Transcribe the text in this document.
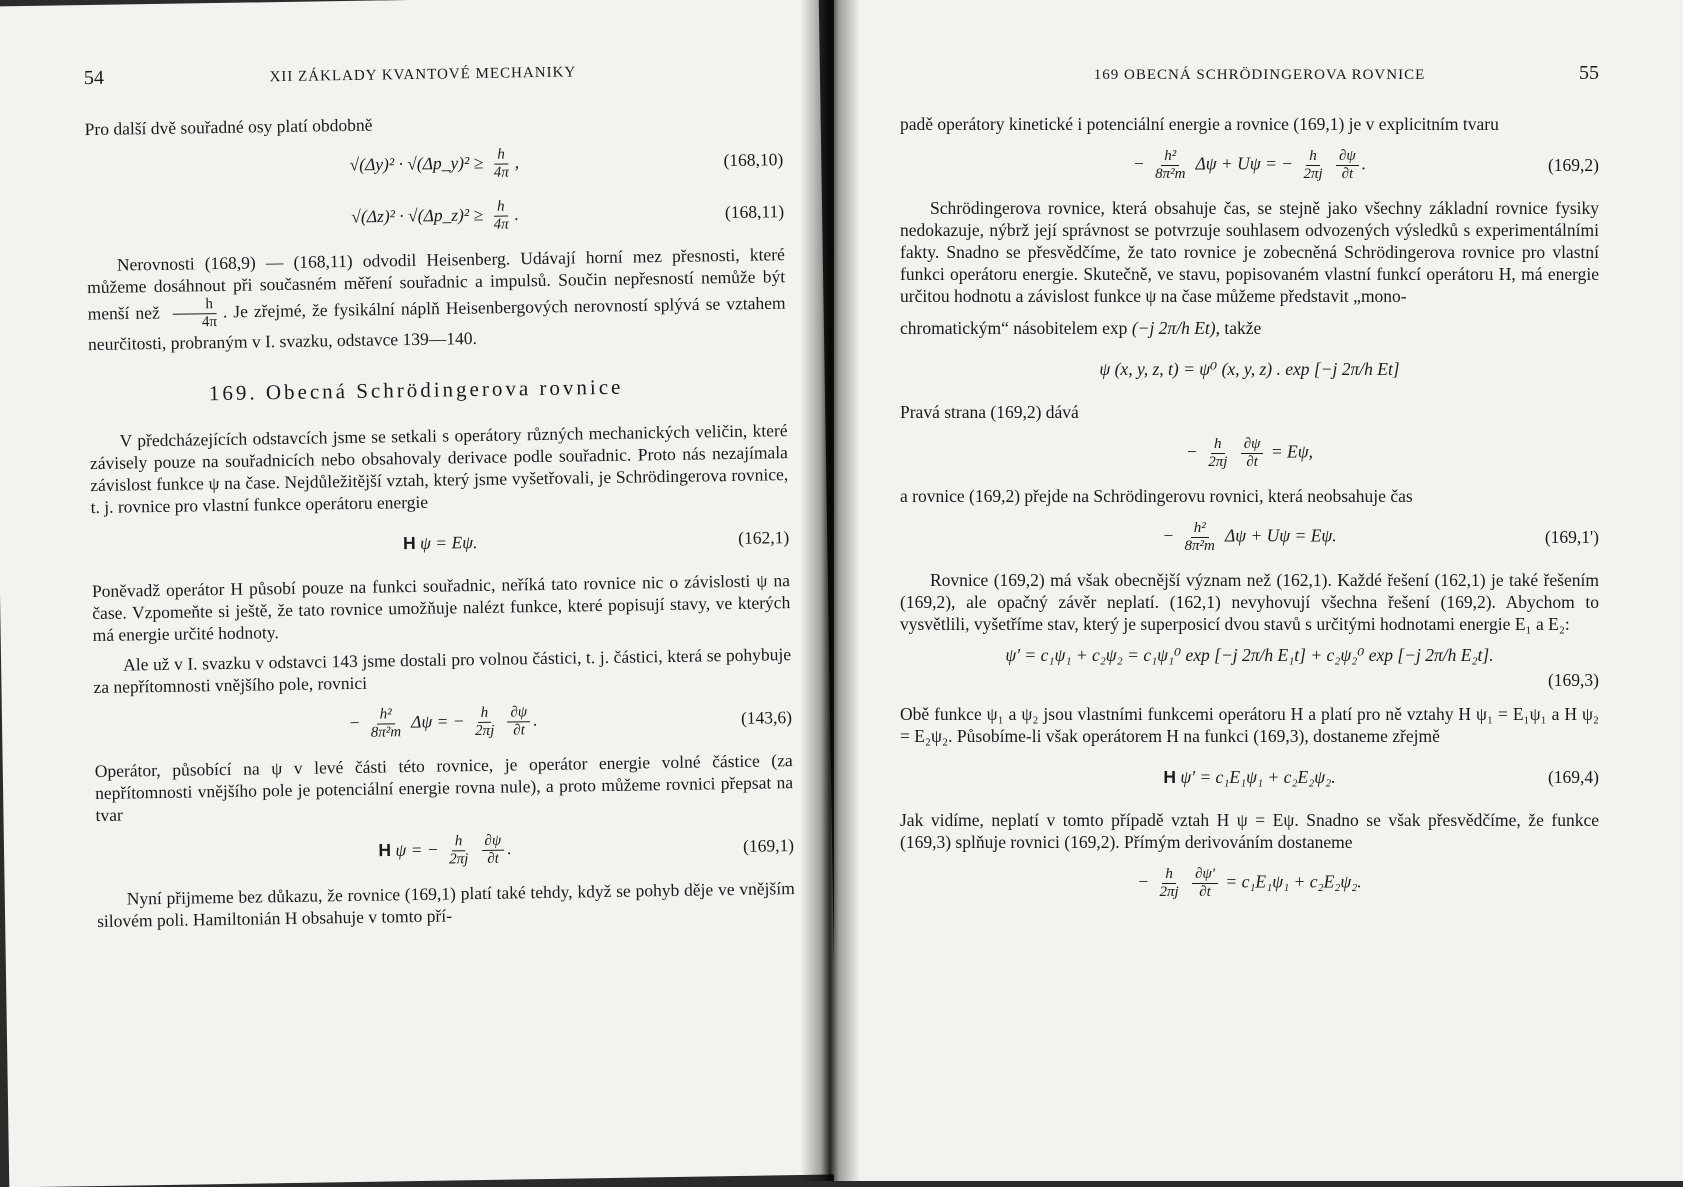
54	XII ZÁKLADY KVANTOVÉ MECHANIKY

Pro další dvě souřadné osy platí obdobně

√(Δy)² · √(Δp_y)² ≥ $\frac{h}{4\pi}$ ,	(168,10)
√(Δz)² · √(Δp_z)² ≥ $\frac{h}{4\pi}$ .	(168,11)

Nerovnosti (168,9) — (168,11) odvodil Heisenberg. Udávají horní mez přesnosti, které můžeme dosáhnout při současném měření souřadnic a impulsů. Součin nepřesností nemůže být menší než $\frac{h}{4\pi}$ . Je zřejmé, že fysikální náplň Heisenbergových nerovností splývá se vztahem neurčitosti, probraným v I. svazku, odstavce 139—140.

169. Obecná Schrödingerova rovnice

V předcházejících odstavcích jsme se setkali s operátory různých mechanických veličin, které závisely pouze na souřadnicích nebo obsahovaly derivace podle souřadnic. Proto nás nezajímala závislost funkce ψ na čase. Nejdůležitější vztah, který jsme vyšetřovali, je Schrödingerova rovnice, t. j. rovnice pro vlastní funkce operátoru energie

H ψ = Eψ.	(162,1)

Poněvadž operátor H působí pouze na funkci souřadnic, neříká tato rovnice nic o závislosti ψ na čase. Vzpomeňte si ještě, že tato rovnice umožňuje nalézt funkce, které popisují stavy, ve kterých má energie určité hodnoty.

Ale už v I. svazku v odstavci 143 jsme dostali pro volnou částici, t. j. částici, která se pohybuje za nepřítomnosti vnějšího pole, rovnici

− $\frac{\text{h²}}{\text{8π²m}}$ Δψ = − $\frac{h}{2\pi j}$
$\frac{\partial\psi}{\partial t}$ .	(143,6)

Operátor, působící na ψ v levé části této rovnice, je operátor energie volné částice (za nepřítomnosti vnějšího pole je potenciální energie rovna nule), a proto můžeme rovnici přepsat na tvar

H ψ = − $\frac{h}{2\pi j}$
$\frac{\partial\psi}{\partial t}$ .	(169,1)

Nyní přijmeme bez důkazu, že rovnice (169,1) platí také tehdy, když se pohyb děje ve vnějším silovém poli. Hamiltonián H obsahuje v tomto pří-

169 OBECNÁ SCHRÖDINGEROVA ROVNICE	55

padě operátory kinetické i potenciální energie a rovnice (169,1) je v explicitním tvaru

− $\frac{\text{h²}}{\text{8π²m}}$ Δψ + Uψ = − $\frac{h}{2\pi j}$
$\frac{\partial\psi}{\partial t}$ .	(169,2)

Schrödingerova rovnice, která obsahuje čas, se stejně jako všechny základní rovnice fysiky nedokazuje, nýbrž její správnost se potvrzuje souhlasem odvozených výsledků s experimentálními fakty. Snadno se přesvědčíme, že tato rovnice je zobecněná Schrödingerova rovnice pro vlastní funkci operátoru energie. Skutečně, ve stavu, popisovaném vlastní funkcí operátoru H, má energie určitou hodnotu a závislost funkce ψ na čase můžeme představit „mono-

chromatickým“ násobitelem exp (−j 2π/h Et), takže

ψ (x, y, z, t) = ψ⁰ (x, y, z) . exp [−j 2π/h Et]

Pravá strana (169,2) dává

− $\frac{h}{2\pi j}$
$\frac{\partial\psi}{\partial t} = E\psi$,

a rovnice (169,2) přejde na Schrödingerovu rovnici, která neobsahuje čas

− $\frac{\text{h²}}{\text{8π²m}}$ Δψ + Uψ = Eψ.	(169,1')

Rovnice (169,2) má však obecnější význam než (162,1). Každé řešení (162,1) je také řešením (169,2), ale opačný závěr neplatí. (162,1) nevyhovují všechna řešení (169,2). Abychom to vysvětlili, vyšetříme stav, který je superposicí dvou stavů s určitými hodnotami energie E₁ a E₂:

ψ' = c₁ψ₁ + c₂ψ₂ = c₁ψ₁⁰ exp [−j 2π/h E₁t] + c₂ψ₂⁰ exp [−j 2π/h E₂t].
(169,3)

Obě funkce ψ₁ a ψ₂ jsou vlastními funkcemi operátoru H a platí pro ně vztahy H ψ₁ = E₁ψ₁ a H ψ₂ = E₂ψ₂. Působíme-li však operátorem H na funkci (169,3), dostaneme zřejmě

H ψ' = c₁E₁ψ₁ + c₂E₂ψ₂.	(169,4)

Jak vidíme, neplatí v tomto případě vztah H ψ = Eψ. Snadno se však přesvědčíme, že funkce (169,3) splňuje rovnici (169,2). Přímým derivováním dostaneme

− $\frac{h}{2\pi j}$
$\frac{\partial\psi'}{\partial t} = c_1E_1\psi_1 + c_2E_2\psi_2$.
